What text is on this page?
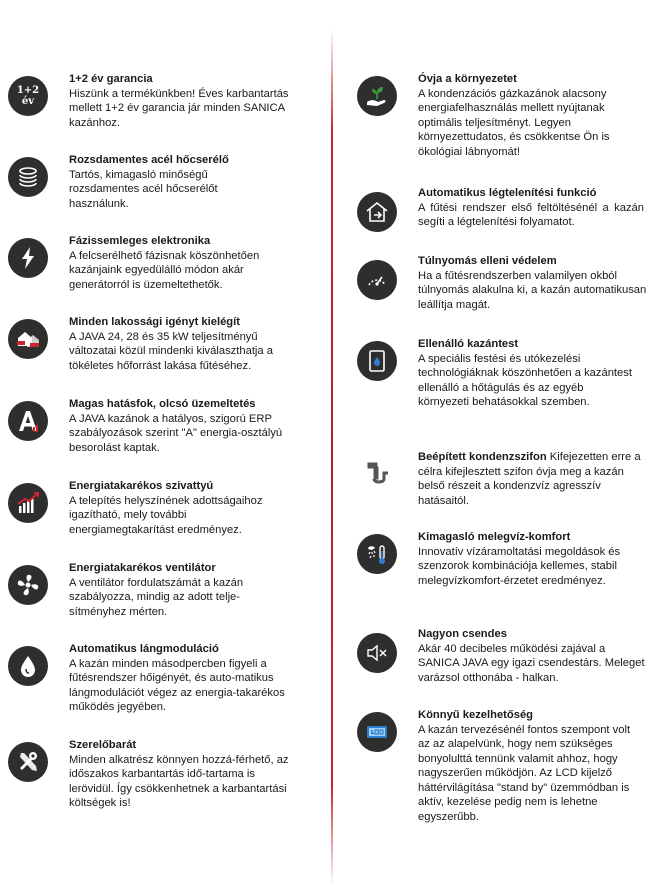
1+2
év
1+2 év garancia
Hiszünk a termékünkben! Éves karbantartás mellett 1+2 év garancia jár minden SANICA kazánhoz.
Rozsdamentes acél hőcserélő
Tartós, kimagasló minőségű rozsdamentes acél hőcserélőt használunk.
Fázissemleges elektronika
A felcserélhető fázisnak köszönhetően kazánjaink egyedülálló módon akár generátorról is üzemeltethetők.
Minden lakossági igényt kielégít
A JAVA 24, 28 és 35 kW teljesítményű változatai közül mindenki kiválaszthatja a tökéletes hőforrást lakása fűtéséhez.
Magas hatásfok, olcsó üzemeltetés
A JAVA kazánok a hatályos, szigorú ERP szabályozások szerint "A" energia-osztályú besorolást kaptak.
Energiatakarékos szivattyú
A telepítés helyszínének adottságaihoz igazítható, mely további energiamegtakarítást eredményez.
Energiatakarékos ventilátor
A ventilátor fordulatszámát a kazán szabályozza, mindig az adott telje-sítményhez mérten.
Automatikus lángmoduláció
A kazán minden másodpercben figyeli a fűtésrendszer hőigényét, és auto-matikus lángmodulációt végez az energia-takarékos működés jegyében.
Szerelőbarát
Minden alkatrész könnyen hozzá-férhető, az időszakos karbantartás idő-tartama is lerövidül. Így csökkenhetnek a karbantartási költségek is!
Óvja a környezetet
A kondenzációs gázkazánok alacsony energiafelhasználás mellett nyújtanak optimális teljesítményt. Legyen környezettudatos, és csökkentse Ön is ökológiai lábnyomát!
Automatikus légtelenítési funkció
A fűtési rendszer első feltöltésénél a kazán segíti a légtelenítési folyamatot.
Túlnyomás elleni védelem
Ha a fűtésrendszerben valamilyen okból túlnyomás alakulna ki, a kazán automatikusan leállítja magát.
Ellenálló kazántest
A speciális festési és utókezelési technológiáknak köszönhetően a kazántest ellenálló a hőtágulás és az egyéb környezeti behatásokkal szemben.
Beépített kondenzszifon Kifejezetten erre a célra kifejlesztett szifon óvja meg a kazán belső részeit a kondenzvíz agresszív hatásaitól.
Kimagasló melegvíz-komfort
Innovatív vízáramoltatási megoldások és szenzorok kombinációja kellemes, stabil melegvízkomfort-érzetet eredményez.
Nagyon csendes
Akár 40 decibeles működési zajával a SANICA JAVA egy igazi csendestárs. Meleget varázsol otthonába - halkan.
Könnyű kezelhetőség
A kazán tervezésénél fontos szempont volt az az alapelvünk, hogy nem szükséges bonyolulttá tennünk valamit ahhoz, hogy nagyszerűen működjön. Az LCD kijelző háttérvilágítása "stand by" üzemmódban is aktív, kezelése pedig nem is lehetne egyszerűbb.
